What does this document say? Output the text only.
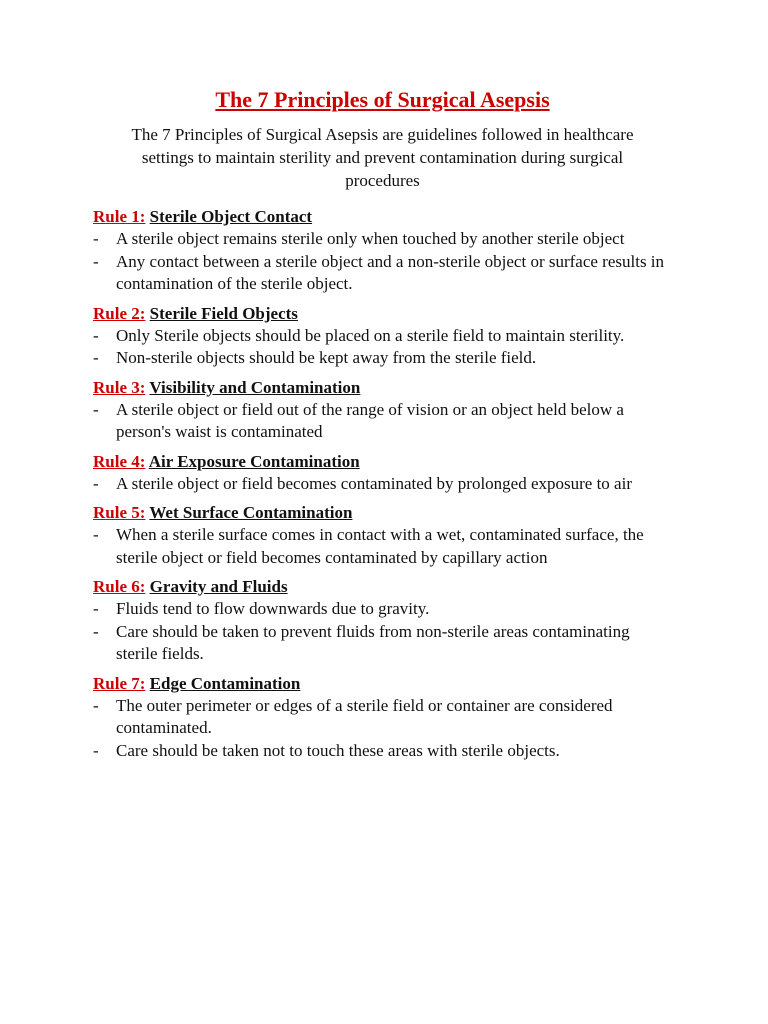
The 7 Principles of Surgical Asepsis

The 7 Principles of Surgical Asepsis are guidelines followed in healthcare settings to maintain sterility and prevent contamination during surgical procedures

Rule 1: Sterile Object Contact
- A sterile object remains sterile only when touched by another sterile object
- Any contact between a sterile object and a non-sterile object or surface results in contamination of the sterile object.
Rule 2: Sterile Field Objects
- Only Sterile objects should be placed on a sterile field to maintain sterility.
- Non-sterile objects should be kept away from the sterile field.
Rule 3: Visibility and Contamination
- A sterile object or field out of the range of vision or an object held below a person's waist is contaminated
Rule 4: Air Exposure Contamination
- A sterile object or field becomes contaminated by prolonged exposure to air
Rule 5: Wet Surface Contamination
- When a sterile surface comes in contact with a wet, contaminated surface, the sterile object or field becomes contaminated by capillary action
Rule 6: Gravity and Fluids
- Fluids tend to flow downwards due to gravity.
- Care should be taken to prevent fluids from non-sterile areas contaminating sterile fields.
Rule 7: Edge Contamination
- The outer perimeter or edges of a sterile field or container are considered contaminated.
- Care should be taken not to touch these areas with sterile objects.
